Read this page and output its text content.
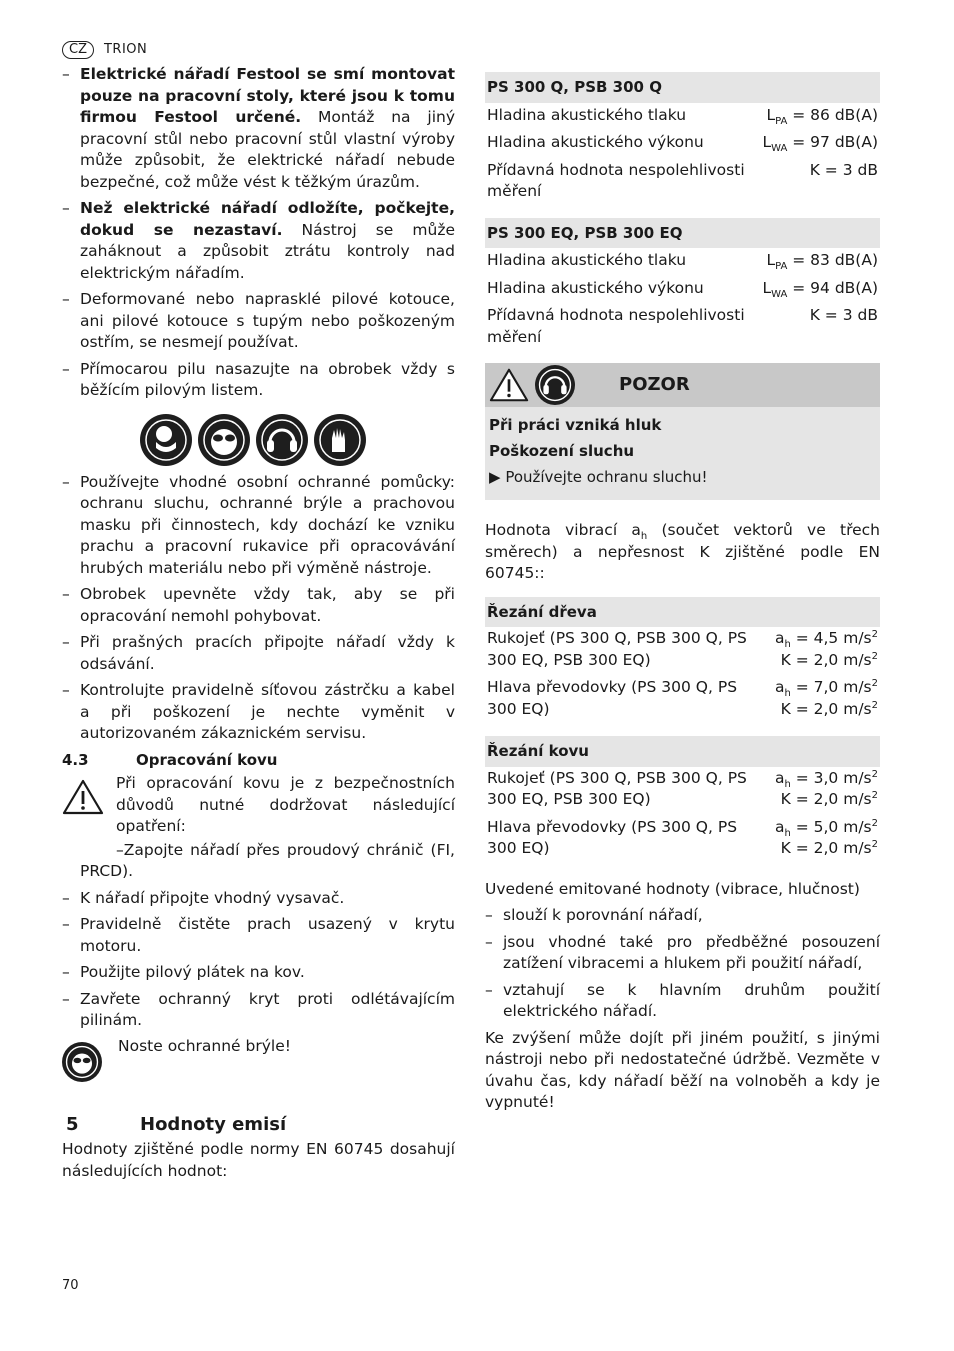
CZ	TRION
– Elektrické nářadí Festool se smí montovat pouze na pracovní stoly, které jsou k tomu firmou Festool určené. Montáž na jiný pracovní stůl nebo pracovní stůl vlastní výroby může způsobit, že elektrické nářadí nebude bezpečné, což může vést k těžkým úrazům.
– Než elektrické nářadí odložíte, počkejte, dokud se nezastaví. Nástroj se může zaháknout a způsobit ztrátu kontroly nad elektrickým nářadím.
– Deformované nebo naprasklé pilové kotouce, ani pilové kotouce s tupým nebo poškozeným ostřím, se nesmejí používat.
– Přímocarou pilu nasazujte na obrobek vždy s běžícím pilovým listem.
– Používejte vhodné osobní ochranné pomůcky: ochranu sluchu, ochranné brýle a prachovou masku při činnostech, kdy dochází ke vzniku prachu a pracovní rukavice při opracovávání hrubých materiálu nebo při výměně nástroje.
– Obrobek upevněte vždy tak, aby se při opracování nemohl pohybovat.
– Při prašných pracích připojte nářadí vždy k odsávání.
– Kontrolujte pravidelně síťovou zástrčku a kabel a při poškození je nechte vyměnit v autorizovaném zákaznickém servisu.
4.3	Opracování kovu
Při opracování kovu je z bezpečnostních důvodů nutné dodržovat následující opatření:
–Zapojte nářadí přes proudový chránič (FI, PRCD).
– K nářadí připojte vhodný vysavač.
– Pravidelně čistěte prach usazený v krytu motoru.
– Použijte pilový plátek na kov.
– Zavřete ochranný kryt proti odlétávajícím pilinám.
Noste ochranné brýle!
5	Hodnoty emisí

Hodnoty zjištěné podle normy EN 60745 dosahují následujících hodnot:

PS 300 Q, PSB 300 Q	
Hladina akustického tlaku	$L_{PA} = 86$ dB(A)
Hladina akustického výkonu	$L_{WA} = 97$ dB(A)
Přídavná hodnota nespolehlivosti měření	K = 3 dB
PS 300 EQ, PSB 300 EQ	
Hladina akustického tlaku	$L_{PA} = 83$ dB(A)
Hladina akustického výkonu	$L_{WA} = 94$ dB(A)
Přídavná hodnota nespolehlivosti měření	K = 3 dB
POZOR
Při práci vzniká hluk
Poškození sluchu
▶ Používejte ochranu sluchu!

Hodnota vibrací $a_h$ (součet vektorů ve třech směrech) a nepřesnost K zjištěné podle EN 60745::

Řezání dřeva	
Rukojeť (PS 300 Q, PSB 300 Q, PS 300 EQ, PSB 300 EQ)	$a_h = 4,5$ $m/s^2$
K = 2,0 $m/s^2$
Hlava převodovky (PS 300 Q, PS 300 EQ)	$a_h = 7,0$ $m/s^2$
K = 2,0 $m/s^2$
Řezání kovu	
Rukojeť (PS 300 Q, PSB 300 Q, PS 300 EQ, PSB 300 EQ)	$a_h = 3,0$ $m/s^2$
K = 2,0 $m/s^2$
Hlava převodovky (PS 300 Q, PS 300 EQ)	$a_h = 5,0$ $m/s^2$
K = 2,0 $m/s^2$

Uvedené emitované hodnoty (vibrace, hlučnost)

– slouží k porovnání nářadí,
– jsou vhodné také pro předběžné posouzení zatížení vibracemi a hlukem při použití nářadí,
– vztahují se k hlavním druhům použití elektrického nářadí.

Ke zvýšení může dojít při jiném použití, s jinými nástroji nebo při nedostatečné údržbě. Vezměte v úvahu čas, kdy nářadí běží na volnoběh a kdy je vypnuté!

70
